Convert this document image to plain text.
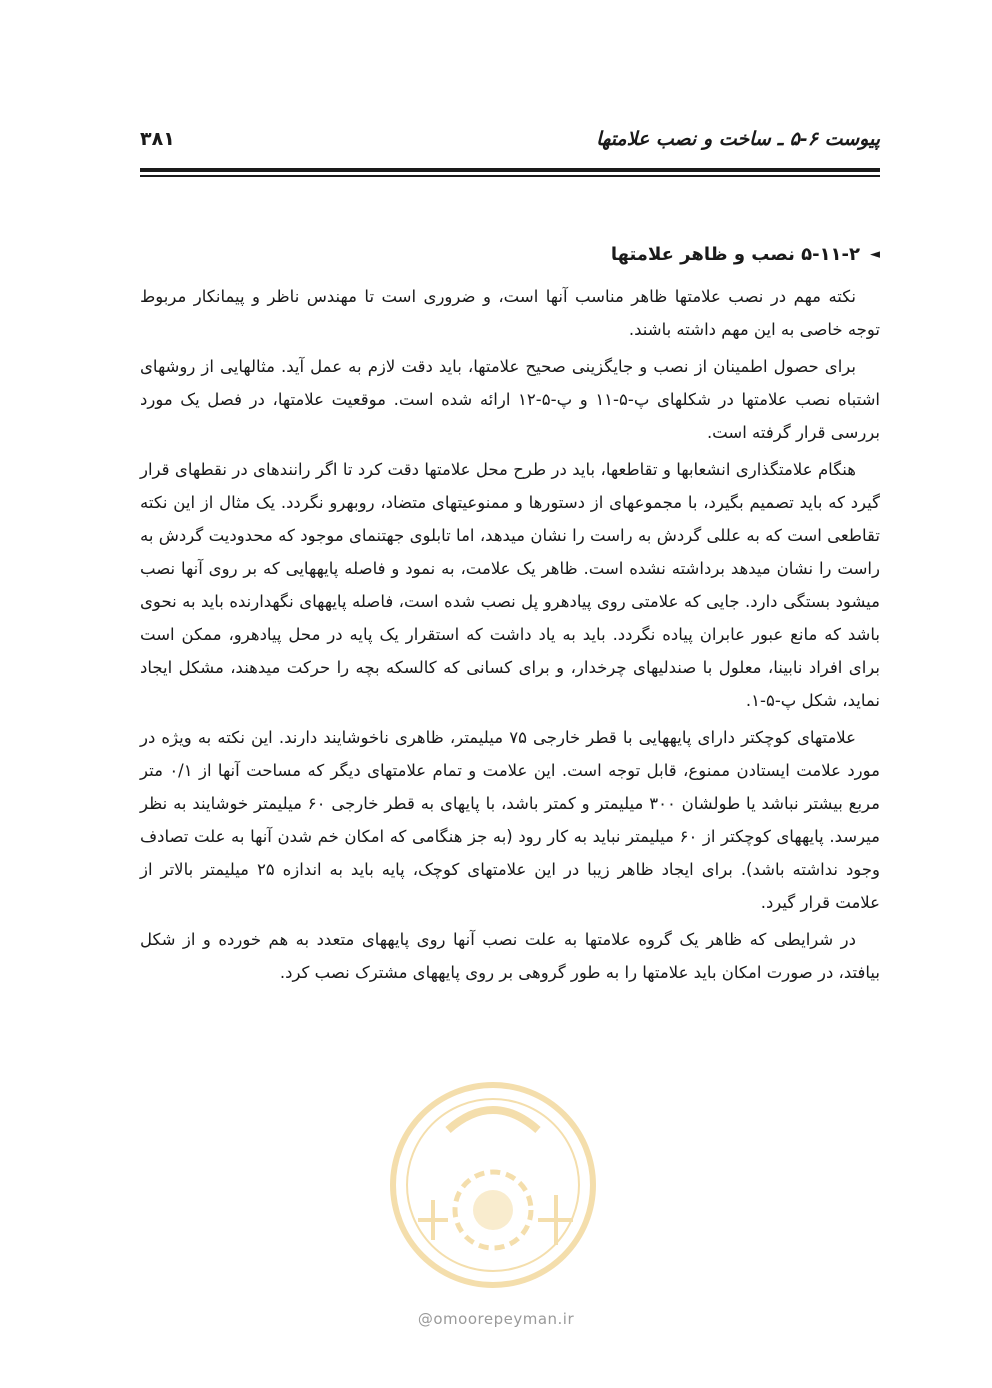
پیوست ۶-۵ ـ ساخت و نصب علامتها
۳۸۱
◄
۵-۱۱-۲ نصب و ظاهر علامتها

نکته مهم در نصب علامتها ظاهر مناسب آنها است، و ضروری است تا مهندس ناظر و پیمانکار مربوط توجه خاصی به این مهم داشته باشند.

برای حصول اطمینان از نصب و جایگزینی صحیح علامتها، باید دقت لازم به عمل آید. مثالهایی از روشهای اشتباه نصب علامتها در شکلهای پ-۵-۱۱ و پ-۵-۱۲ ارائه شده است. موقعیت علامتها، در فصل یک مورد بررسی قرار گرفته است.

هنگام علامتگذاری انشعابها و تقاطعها، باید در طرح محل علامتها دقت کرد تا اگر رانندهای در نقطهای قرار گیرد که باید تصمیم بگیرد، با مجموعهای از دستورها و ممنوعیتهای متضاد، روبهرو نگردد. یک مثال از این نکته تقاطعی است که به عللی گردش به راست را نشان میدهد، اما تابلوی جهتنمای موجود که محدودیت گردش به راست را نشان میدهد برداشته نشده است. ظاهر یک علامت، به نمود و فاصله پایههایی که بر روی آنها نصب میشود بستگی دارد. جایی که علامتی روی پیادهرو پل نصب شده است، فاصله پایههای نگهدارنده باید به نحوی باشد که مانع عبور عابران پیاده نگردد. باید به یاد داشت که استقرار یک پایه در محل پیادهرو، ممکن است برای افراد نابینا، معلول با صندلیهای چرخدار، و برای کسانی که کالسکه بچه را حرکت میدهند، مشکل ایجاد نماید، شکل پ-۵-۱.

علامتهای کوچکتر دارای پایههایی با قطر خارجی ۷۵ میلیمتر، ظاهری ناخوشایند دارند. این نکته به ویژه در مورد علامت ایستادن ممنوع، قابل توجه است. این علامت و تمام علامتهای دیگر که مساحت آنها از ۰/۱ متر مربع بیشتر نباشد یا طولشان ۳۰۰ میلیمتر و کمتر باشد، با پایهای به قطر خارجی ۶۰ میلیمتر خوشایند به نظر میرسد. پایههای کوچکتر از ۶۰ میلیمتر نباید به کار رود (به جز هنگامی که امکان خم شدن آنها به علت تصادف وجود نداشته باشد). برای ایجاد ظاهر زیبا در این علامتهای کوچک، پایه باید به اندازه ۲۵ میلیمتر بالاتر از علامت قرار گیرد.

در شرایطی که ظاهر یک گروه علامتها به علت نصب آنها روی پایههای متعدد به هم خورده و از شکل بیافتد، در صورت امکان باید علامتها را به طور گروهی بر روی پایههای مشترک نصب کرد.

@omoorepeyman.ir
